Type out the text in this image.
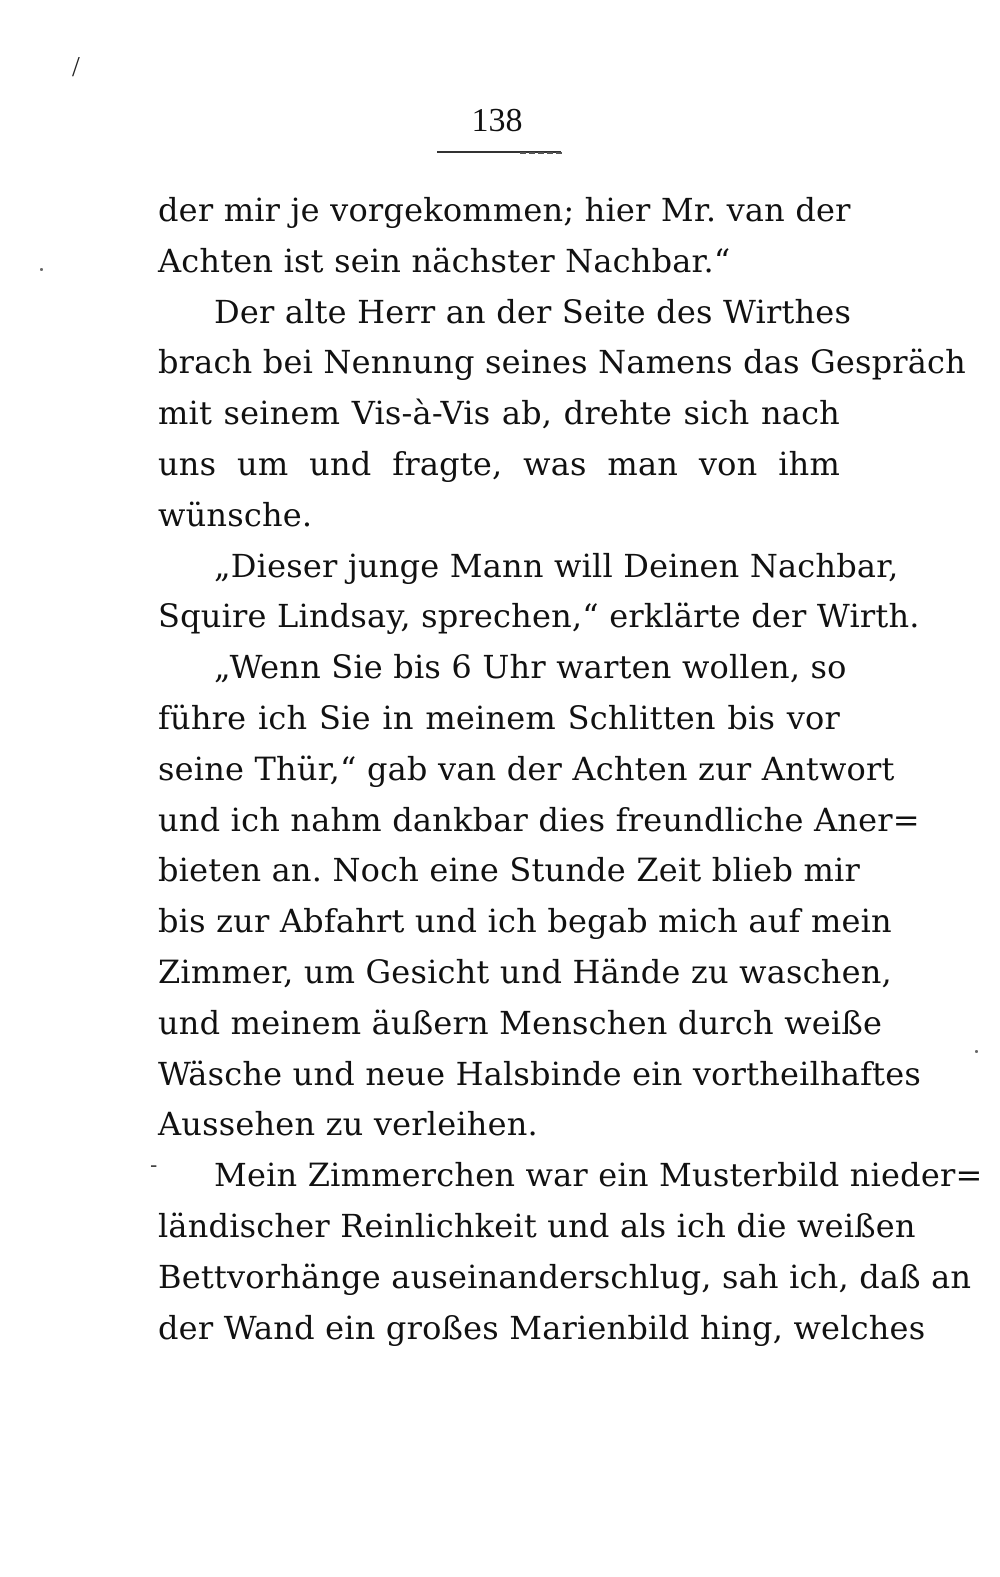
/
138
-
der mir je vorgekommen; hier Mr. van der
Achten ist sein nächster Nachbar.“
Der alte Herr an der Seite des Wirthes
brach bei Nennung seines Namens das Gespräch
mit seinem Vis-à-Vis ab, drehte sich nach
uns um und fragte, was man von ihm
wünsche.
„Dieser junge Mann will Deinen Nachbar,
Squire Lindsay, sprechen,“ erklärte der Wirth.
„Wenn Sie bis 6 Uhr warten wollen, so
führe ich Sie in meinem Schlitten bis vor
seine Thür,“ gab van der Achten zur Antwort
und ich nahm dankbar dies freundliche Aner=
bieten an. Noch eine Stunde Zeit blieb mir
bis zur Abfahrt und ich begab mich auf mein
Zimmer, um Gesicht und Hände zu waschen,
und meinem äußern Menschen durch weiße
Wäsche und neue Halsbinde ein vortheilhaftes
Aussehen zu verleihen.
Mein Zimmerchen war ein Musterbild nieder=
ländischer Reinlichkeit und als ich die weißen
Bettvorhänge auseinanderschlug, sah ich, daß an
der Wand ein großes Marienbild hing, welches
